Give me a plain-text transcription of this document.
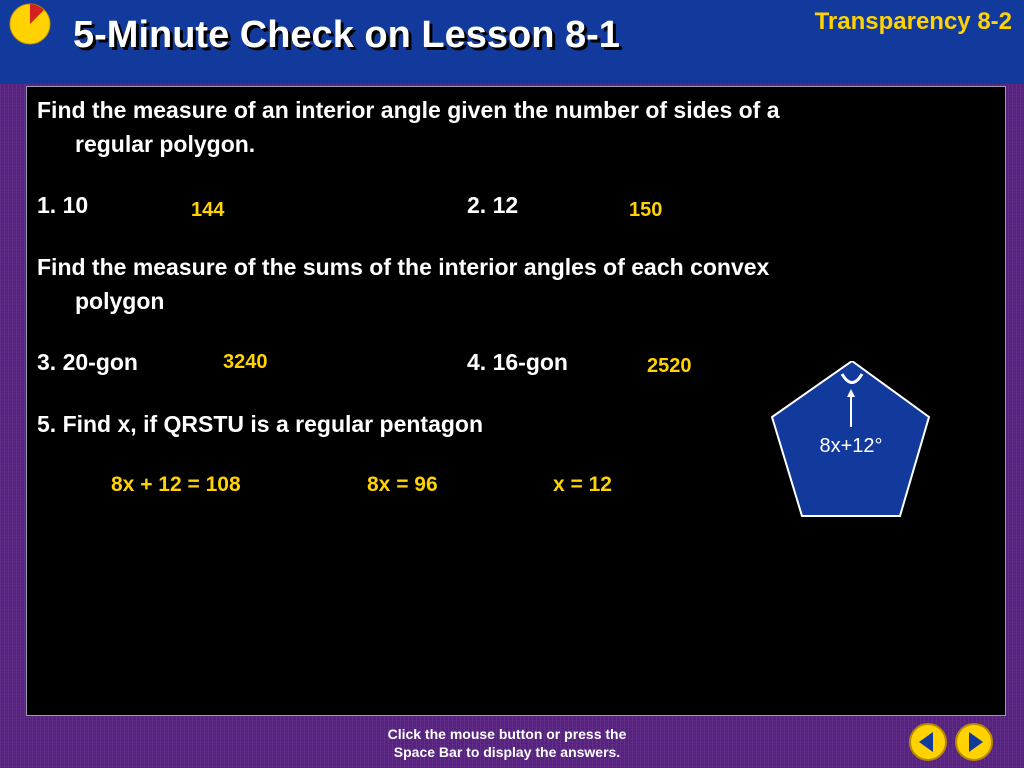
5-Minute Check on Lesson 8-1	Transparency 8-2
Find the measure of an interior angle given the number of sides of a
regular polygon.
1. 10	144	2. 12	150
Find the measure of the sums of the interior angles of each convex
polygon
3. 20-gon	3240	4. 16-gon	2520
5. Find x, if QRSTU is a regular pentagon
8x + 12 = 108	8x = 96	x = 12
8x+12°
Click the mouse button or press the
Space Bar to display the answers.
